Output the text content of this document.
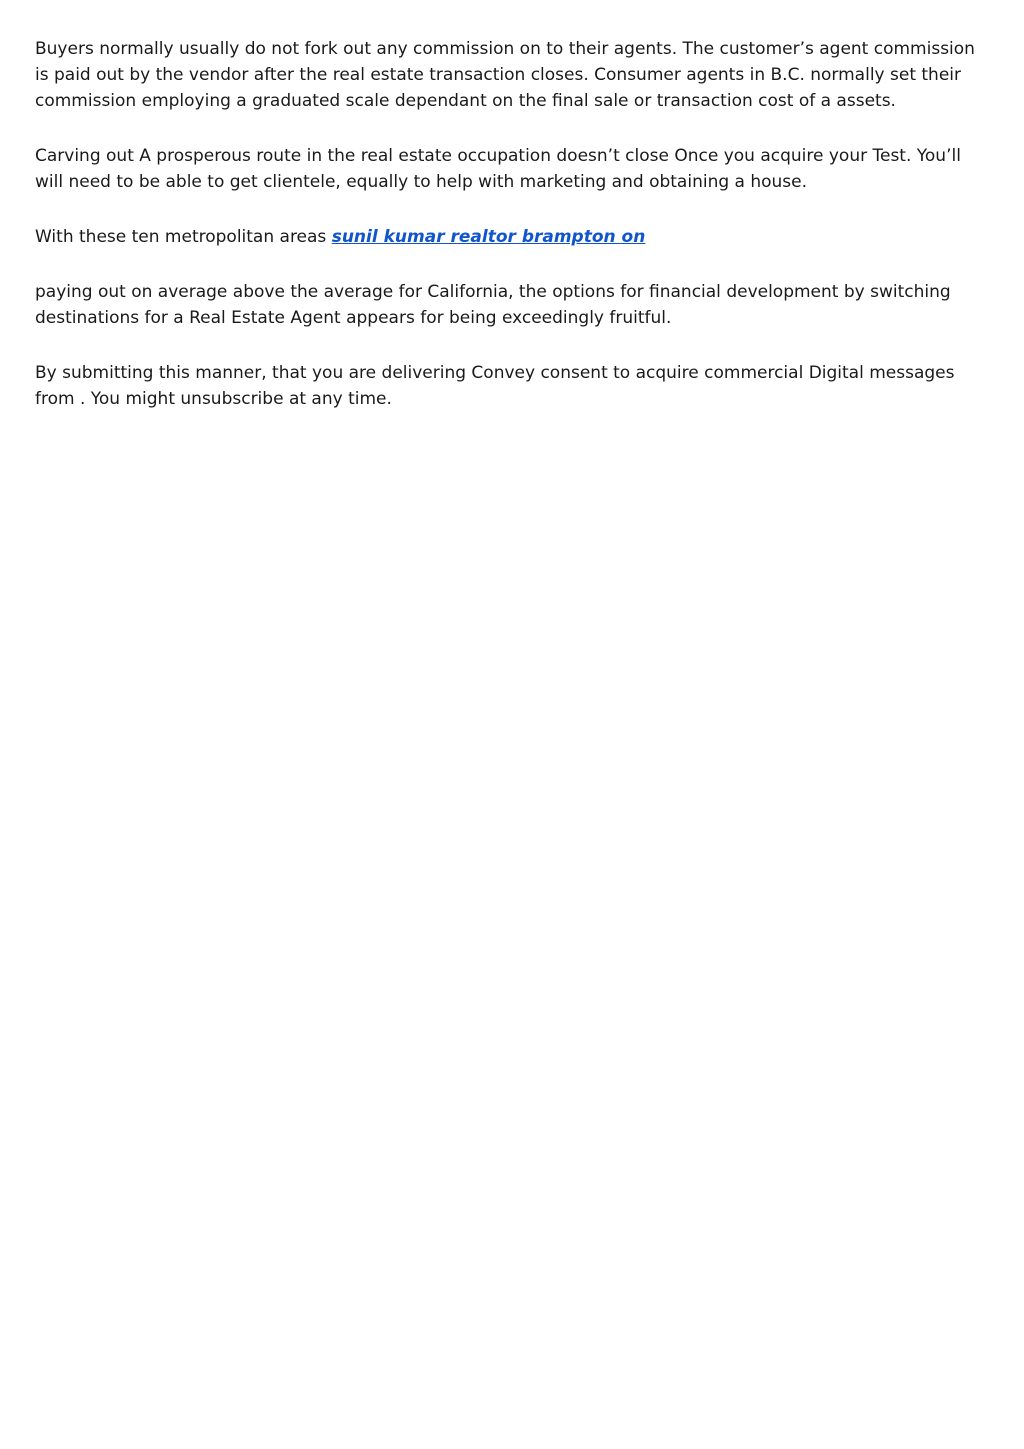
Buyers normally usually do not fork out any commission on to their agents. The customer’s agent commission is paid out by the vendor after the real estate transaction closes. Consumer agents in B.C. normally set their commission employing a graduated scale dependant on the final sale or transaction cost of a assets.

Carving out A prosperous route in the real estate occupation doesn’t close Once you acquire your Test. You’ll will need to be able to get clientele, equally to help with marketing and obtaining a house.

With these ten metropolitan areas sunil kumar realtor brampton on

paying out on average above the average for California, the options for financial development by switching destinations for a Real Estate Agent appears for being exceedingly fruitful.

By submitting this manner, that you are delivering Convey consent to acquire commercial Digital messages from . You might unsubscribe at any time.
